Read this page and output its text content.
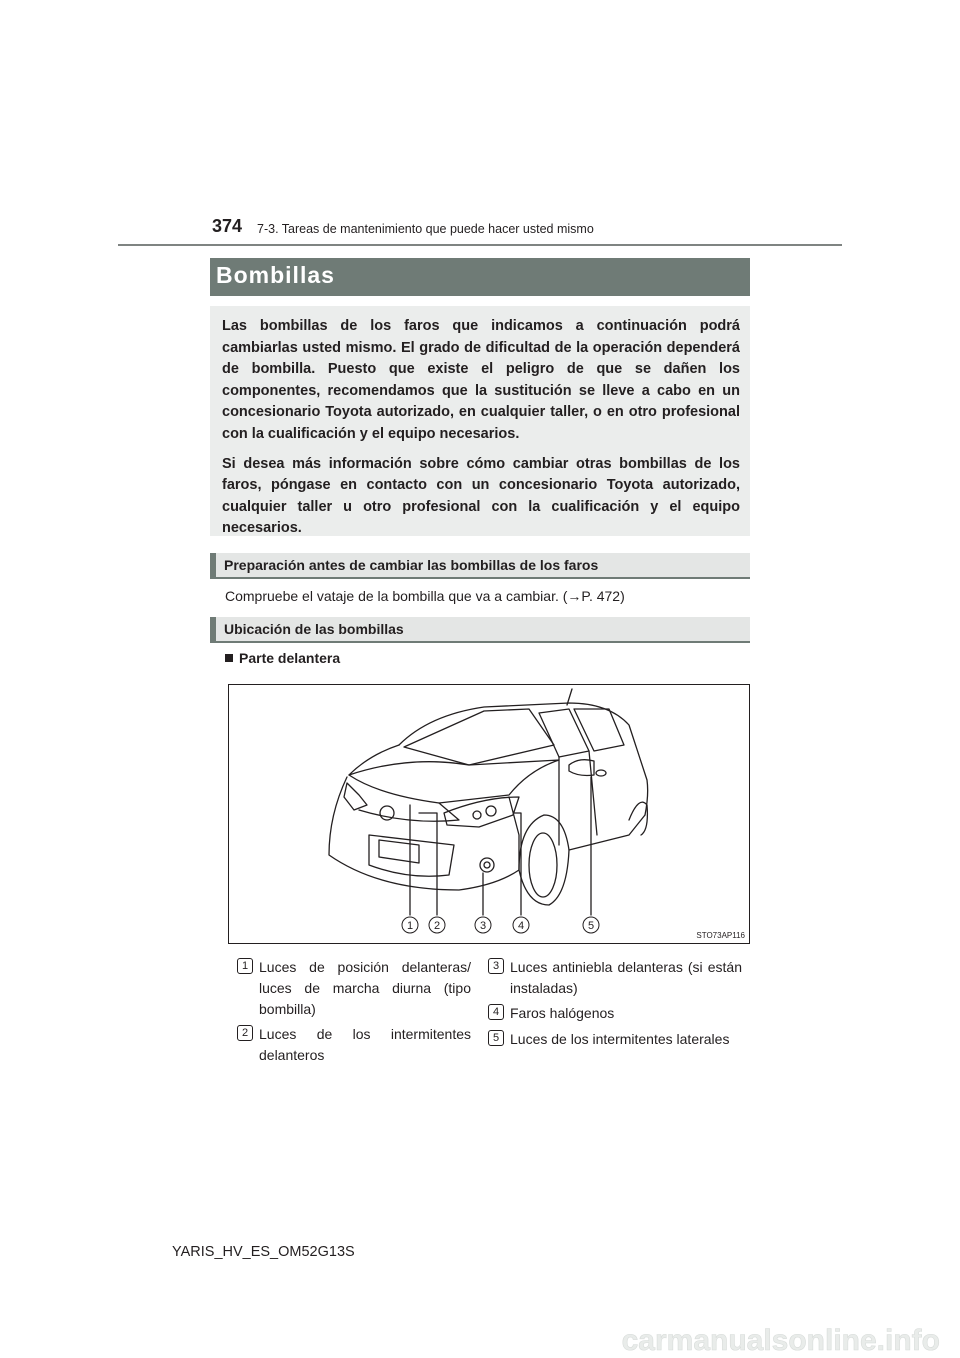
374 7-3. Tareas de mantenimiento que puede hacer usted mismo
Bombillas

Las bombillas de los faros que indicamos a continuación podrá cambiarlas usted mismo. El grado de dificultad de la operación dependerá de bombilla. Puesto que existe el peligro de que se dañen los componentes, recomendamos que la sustitución se lleve a cabo en un concesionario Toyota autorizado, en cualquier taller, o en otro profesional con la cualificación y el equipo necesarios.

Si desea más información sobre cómo cambiar otras bombillas de los faros, póngase en contacto con un concesionario Toyota autorizado, cualquier taller u otro profesional con la cualificación y el equipo necesarios.

Preparación antes de cambiar las bombillas de los faros
Compruebe el vataje de la bombilla que va a cambiar. (→P. 472)
Ubicación de las bombillas
Parte delantera
1 2	3	4	5
STO73AP116
1 Luces de posición delanteras/ luces de marcha diurna (tipo bombilla)
2 Luces de los intermitentes delanteros
3 Luces antiniebla delanteras (si están instaladas)
4 Faros halógenos
5 Luces de los intermitentes laterales
YARIS_HV_ES_OM52G13S
carmanualsonline.info
